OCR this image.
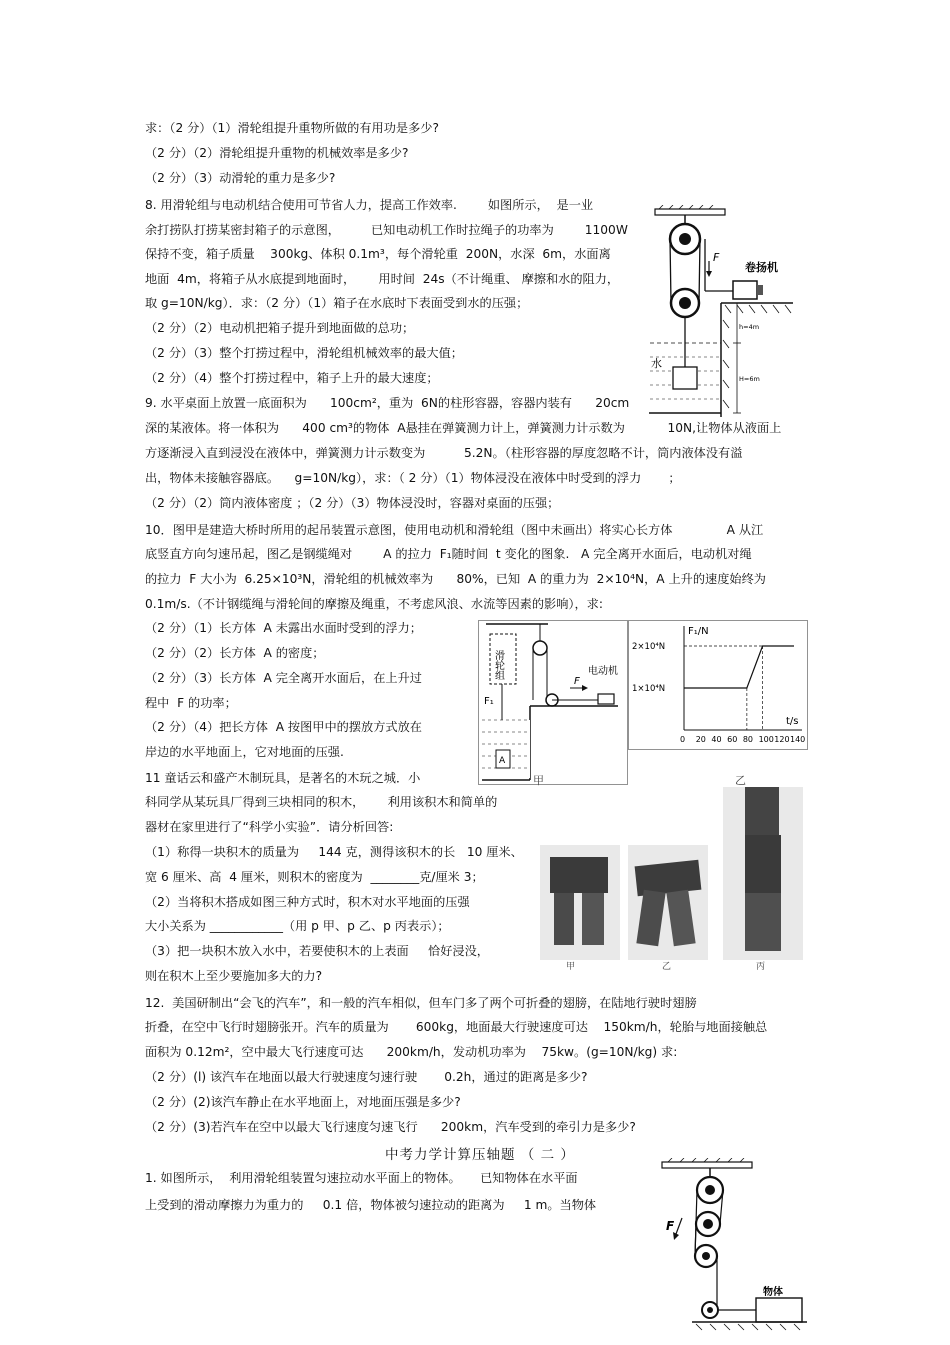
求：（2 分）（1）滑轮组提升重物所做的有用功是多少?
（2 分）（2）滑轮组提升重物的机械效率是多少?
（2 分）（3）动滑轮的重力是多少?
8. 用滑轮组与电动机结合使用可节省人力，提高工作效率.        如图所示，  是一业
余打捞队打捞某密封箱子的示意图，        已知电动机工作时拉绳子的功率为        1100W
保持不变，箱子质量    300kg、体积 0.1m³，每个滑轮重  200N，水深  6m，水面离
地面  4m，将箱子从水底提到地面时，      用时间  24s（不计绳重、 摩擦和水的阻力，
取 g=10N/kg）．求：（2 分）（1）箱子在水底时下表面受到水的压强；
（2 分）（2）电动机把箱子提升到地面做的总功；
（2 分）（3）整个打捞过程中，滑轮组机械效率的最大值；
（2 分）（4）整个打捞过程中，箱子上升的最大速度；
9. 水平桌面上放置一底面积为      100cm²，重为  6N的柱形容器，容器内装有      20cm
深的某液体。将一体积为      400 cm³的物体  A悬挂在弹簧测力计上，弹簧测力计示数为           10N,让物体从液面上
方逐渐浸入直到浸没在液体中，弹簧测力计示数变为          5.2N。（柱形容器的厚度忽略不计，筒内液体没有溢
出，物体未接触容器底。    g=10N/kg），求：（ 2 分）（1）物体浸没在液体中时受到的浮力       ；
（2 分）（2）筒内液体密度 ；（2 分）（3）物体浸没时，容器对桌面的压强；
10．图甲是建造大桥时所用的起吊装置示意图，使用电动机和滑轮组（图中未画出）将实心长方体              A 从江
底竖直方向匀速吊起，图乙是钢缆绳对        A 的拉力  F₁随时间  t 变化的图象.   A 完全离开水面后，电动机对绳
的拉力  F 大小为  6.25×10³N，滑轮组的机械效率为      80%，已知  A 的重力为  2×10⁴N，A 上升的速度始终为
0.1m/s.（不计钢缆绳与滑轮间的摩擦及绳重，不考虑风浪、水流等因素的影响），求:
（2 分）（1）长方体  A 未露出水面时受到的浮力；
（2 分）（2）长方体  A 的密度；
（2 分）（3）长方体  A 完全离开水面后，在上升过
程中  F 的功率；
（2 分）（4）把长方体  A 按图甲中的摆放方式放在
岸边的水平地面上，它对地面的压强.
11 童话云和盛产木制玩具，是著名的木玩之城．小
科同学从某玩具厂得到三块相同的积木，      利用该积木和简单的
器材在家里进行了“科学小实验”．请分析回答:
（1）称得一块积木的质量为     144 克，测得该积木的长   10 厘米、
宽 6 厘米、高  4 厘米，则积木的密度为  ________克/厘米 3；
（2）当将积木搭成如图三种方式时，积木对水平地面的压强
大小关系为 ____________（用 p 甲、p 乙、p 丙表示）；
（3）把一块积木放入水中，若要使积木的上表面     恰好浸没，
则在积木上至少要施加多大的力?
12.  美国研制出“会飞的汽车”，和一般的汽车相似，但车门多了两个可折叠的翅膀，在陆地行驶时翅膀
折叠，在空中飞行时翅膀张开。汽车的质量为       600kg，地面最大行驶速度可达    150km/h，轮胎与地面接触总
面积为 0.12m²，空中最大飞行速度可达      200km/h，发动机功率为    75kw。(g=10N/kg) 求:
（2 分）(l) 该汽车在地面以最大行驶速度匀速行驶       0.2h，通过的距离是多少?
（2 分）(2)该汽车静止在水平地面上，对地面压强是多少?
（2 分）(3)若汽车在空中以最大飞行速度匀速飞行      200km，汽车受到的牵引力是多少?
中考力学计算压轴题 （ 二 ）
1. 如图所示，  利用滑轮组装置匀速拉动水平面上的物体。     已知物体在水平面
上受到的滑动摩擦力为重力的     0.1 倍，物体被匀速拉动的距离为     1 m。当物体
F
卷扬机
水
h=4m
H=6m
滑轮组
F
电动机
F₁
A
甲
F₁/N
t/s
2×10⁴N
1×10⁴N
0 20 40 60 80 100 120 140
乙
甲	乙	丙
F
物体
